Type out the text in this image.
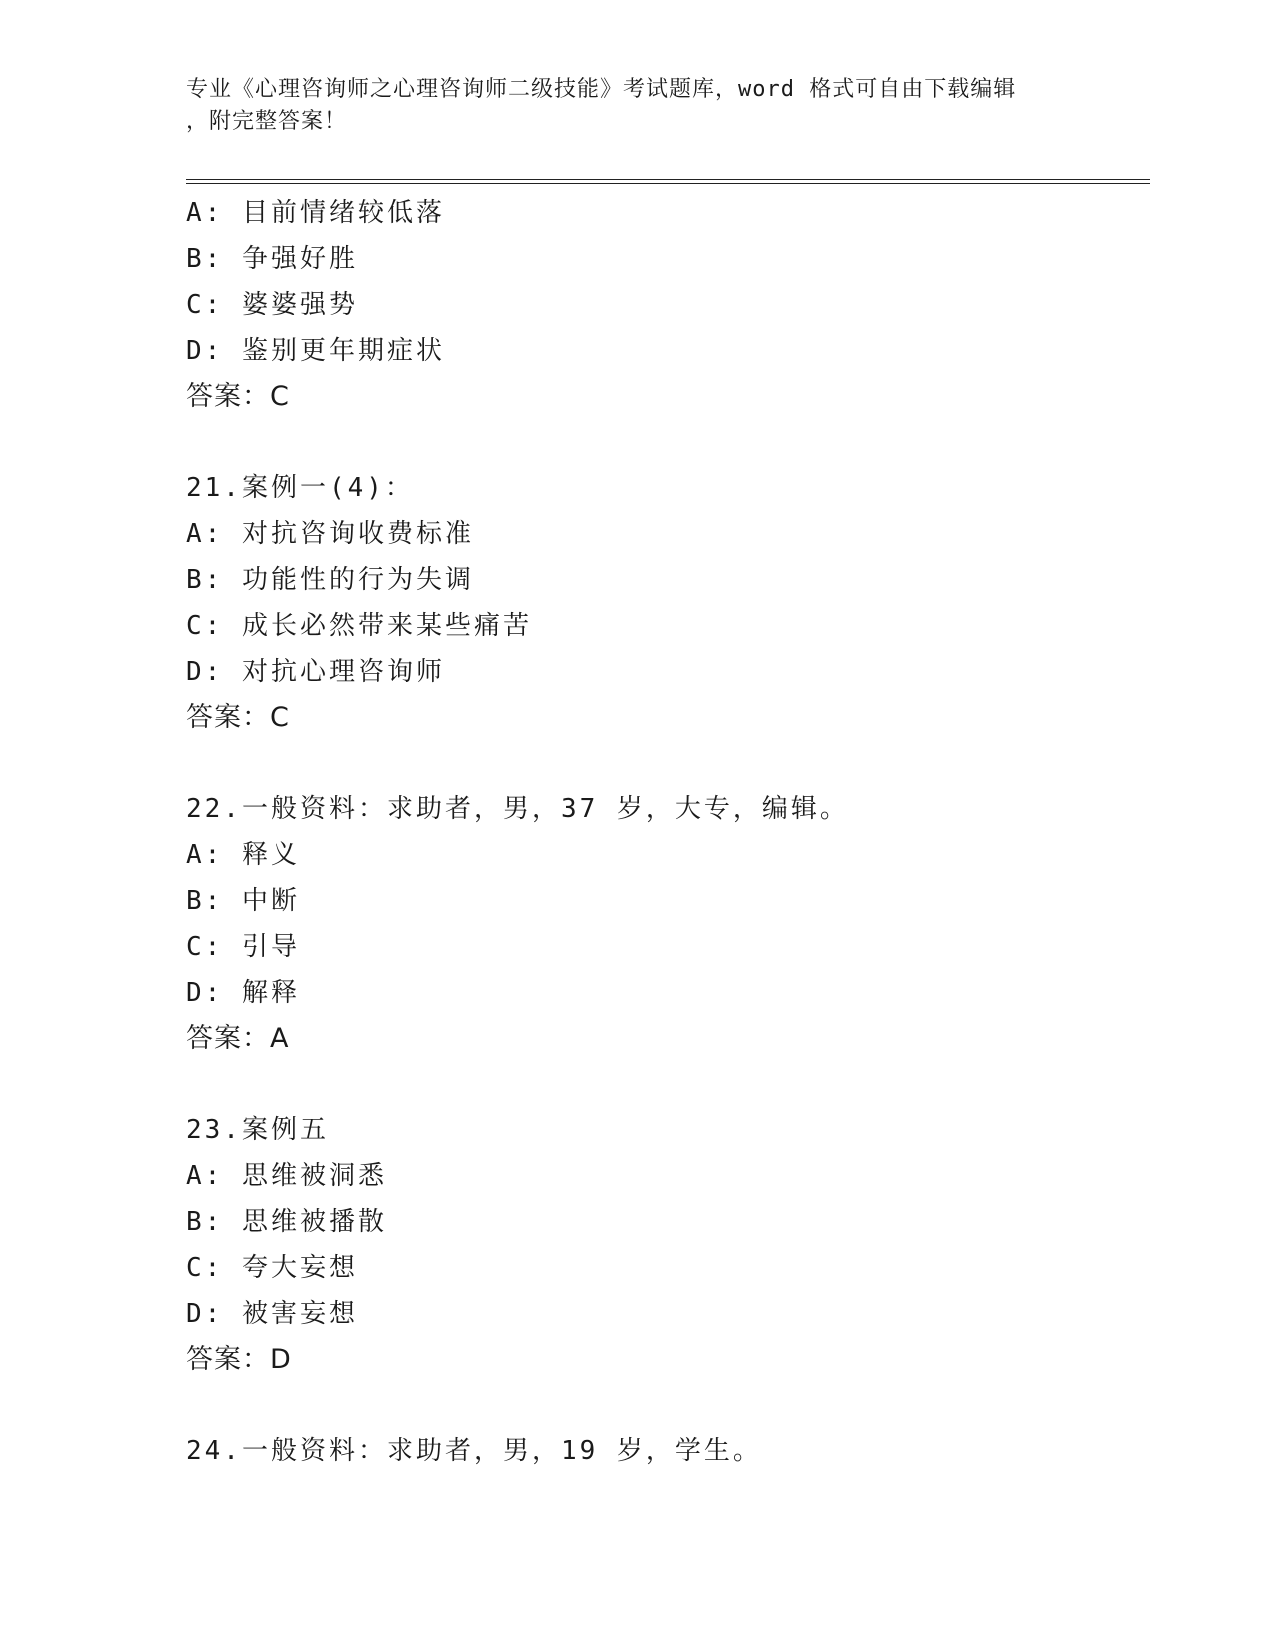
专业《心理咨询师之心理咨询师二级技能》考试题库，word 格式可自由下载编辑
，附完整答案！
A: 目前情绪较低落
B: 争强好胜
C: 婆婆强势
D: 鉴别更年期症状
答案：C
21.案例一(4)：
A: 对抗咨询收费标准
B: 功能性的行为失调
C: 成长必然带来某些痛苦
D: 对抗心理咨询师
答案：C
22.一般资料：求助者，男，37 岁，大专，编辑。
A: 释义
B: 中断
C: 引导
D: 解释
答案：A
23.案例五
A: 思维被洞悉
B: 思维被播散
C: 夸大妄想
D: 被害妄想
答案：D
24.一般资料：求助者，男，19 岁，学生。
